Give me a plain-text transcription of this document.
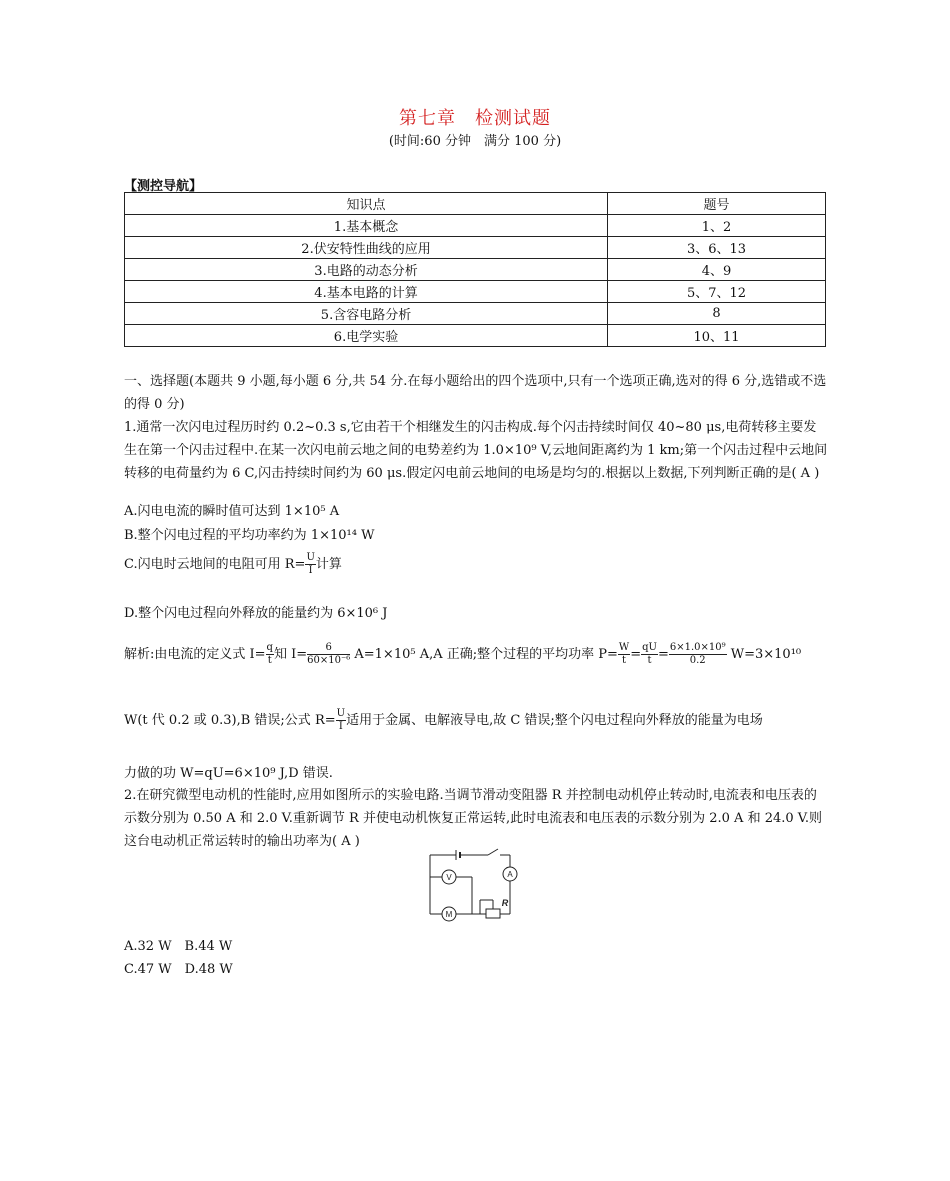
第七章　检测试题
(时间:60 分钟　满分 100 分)
【测控导航】
知识点	题号
1.基本概念	1、2
2.伏安特性曲线的应用	3、6、13
3.电路的动态分析	4、9
4.基本电路的计算	5、7、12
5.含容电路分析	8
6.电学实验	10、11
一、选择题(本题共 9 小题,每小题 6 分,共 54 分.在每小题给出的四个选项中,只有一个选项正确,选对的得 6 分,选错或不选的得 0 分)
1.通常一次闪电过程历时约 0.2~0.3 s,它由若干个相继发生的闪击构成.每个闪击持续时间仅 40~80 μs,电荷转移主要发生在第一个闪击过程中.在某一次闪电前云地之间的电势差约为 1.0×10⁹ V,云地间距离约为 1 km;第一个闪击过程中云地间转移的电荷量约为 6 C,闪击持续时间约为 60 μs.假定闪电前云地间的电场是均匀的.根据以上数据,下列判断正确的是( A )
A.闪电电流的瞬时值可达到 1×10⁵ A
B.整个闪电过程的平均功率约为 1×10¹⁴ W
C.闪电时云地间的电阻可用 $R= \frac{U}{I}$ 计算
D.整个闪电过程向外释放的能量约为 6×10⁶ J
解析:由电流的定义式 $I= \frac{q}{t}$ 知 $I= \frac{6}{\text{60×10⁻⁶}} A=1\times 10^5$ A,A 正确;整个过程的平均功率 $P= \frac{W}{t} = \frac{qU}{t} = \frac{\text{6×1.0×10⁹}}{0.2} W=3\times 10^{10}$
W(t 代 0.2 或 0.3),B 错误;公式 $R= \frac{U}{I}$ 适用于金属、电解液导电,故 C 错误;整个闪电过程向外释放的能量为电场
力做的功 W=qU=6×10⁹ J,D 错误.
2.在研究微型电动机的性能时,应用如图所示的实验电路.当调节滑动变阻器 R 并控制电动机停止转动时,电流表和电压表的示数分别为 0.50 A 和 2.0 V.重新调节 R 并使电动机恢复正常运转,此时电流表和电压表的示数分别为 2.0 A 和 24.0 V.则这台电动机正常运转时的输出功率为( A )
V
M
A
R
A.32 W　B.44 W
C.47 W　D.48 W
